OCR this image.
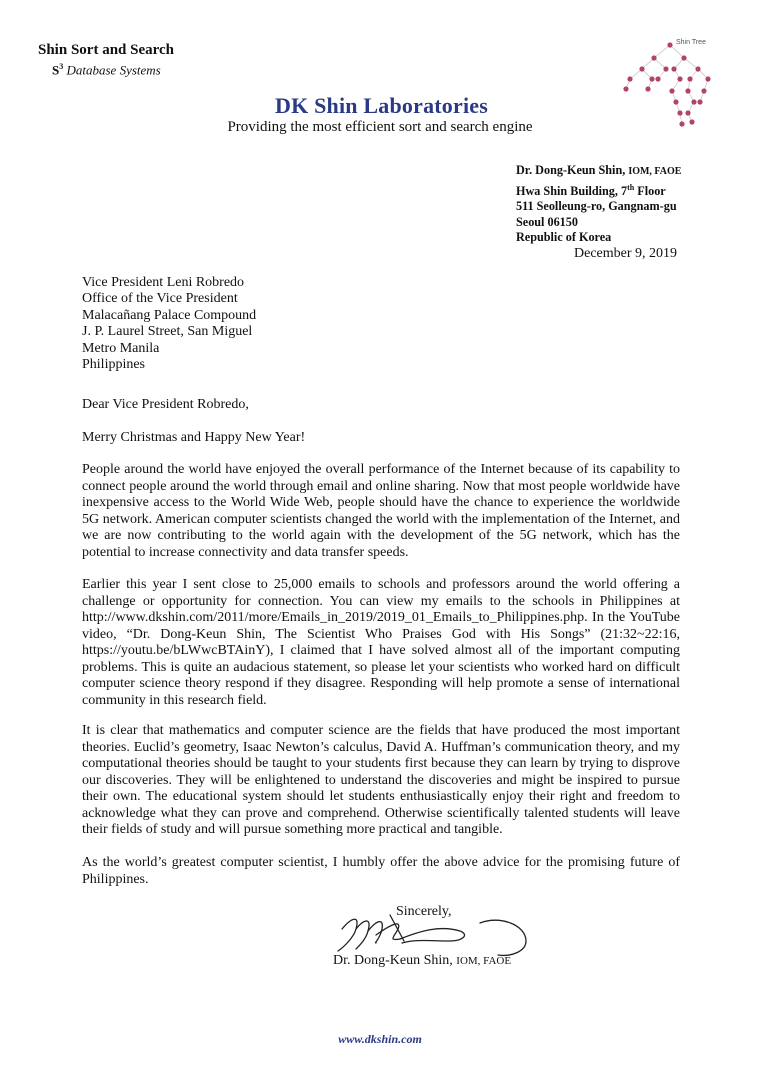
Shin Sort and Search
$S^3$ Database Systems
DK Shin Laboratories
Providing the most efficient sort and search engine
Shin Tree
Dr. Dong-Keun Shin, IOM, FAOE
Hwa Shin Building, 7th Floor
511 Seolleung-ro, Gangnam-gu
Seoul 06150
Republic of Korea
December 9, 2019
Vice President Leni Robredo
Office of the Vice President
Malacañang Palace Compound
J. P. Laurel Street, San Miguel
Metro Manila
Philippines
Dear Vice President Robredo,
Merry Christmas and Happy New Year!
People around the world have enjoyed the overall performance of the Internet because of its capability to connect people around the world through email and online sharing. Now that most people worldwide have inexpensive access to the World Wide Web, people should have the chance to experience the worldwide 5G network. American computer scientists changed the world with the implementation of the Internet, and we are now contributing to the world again with the development of the 5G network, which has the potential to increase connectivity and data transfer speeds.
Earlier this year I sent close to 25,000 emails to schools and professors around the world offering a challenge or opportunity for connection. You can view my emails to the schools in Philippines at http://www.dkshin.com/2011/more/Emails_in_2019/2019_01_Emails_to_Philippines.php. In the YouTube video, “Dr. Dong-Keun Shin, The Scientist Who Praises God with His Songs” (21:32~22:16, https://youtu.be/bLWwcBTAinY), I claimed that I have solved almost all of the important computing problems. This is quite an audacious statement, so please let your scientists who worked hard on difficult computer science theory respond if they disagree. Responding will help promote a sense of international community in this research field.
It is clear that mathematics and computer science are the fields that have produced the most important theories. Euclid’s geometry, Isaac Newton’s calculus, David A. Huffman’s communication theory, and my computational theories should be taught to your students first because they can learn by trying to disprove our discoveries. They will be enlightened to understand the discoveries and might be inspired to pursue their own. The educational system should let students enthusiastically enjoy their right and freedom to acknowledge what they can prove and comprehend. Otherwise scientifically talented students will leave their fields of study and will pursue something more practical and tangible.
As the world’s greatest computer scientist, I humbly offer the above advice for the promising future of Philippines.
Sincerely,
Dr. Dong-Keun Shin, IOM, FAOE
www.dkshin.com
